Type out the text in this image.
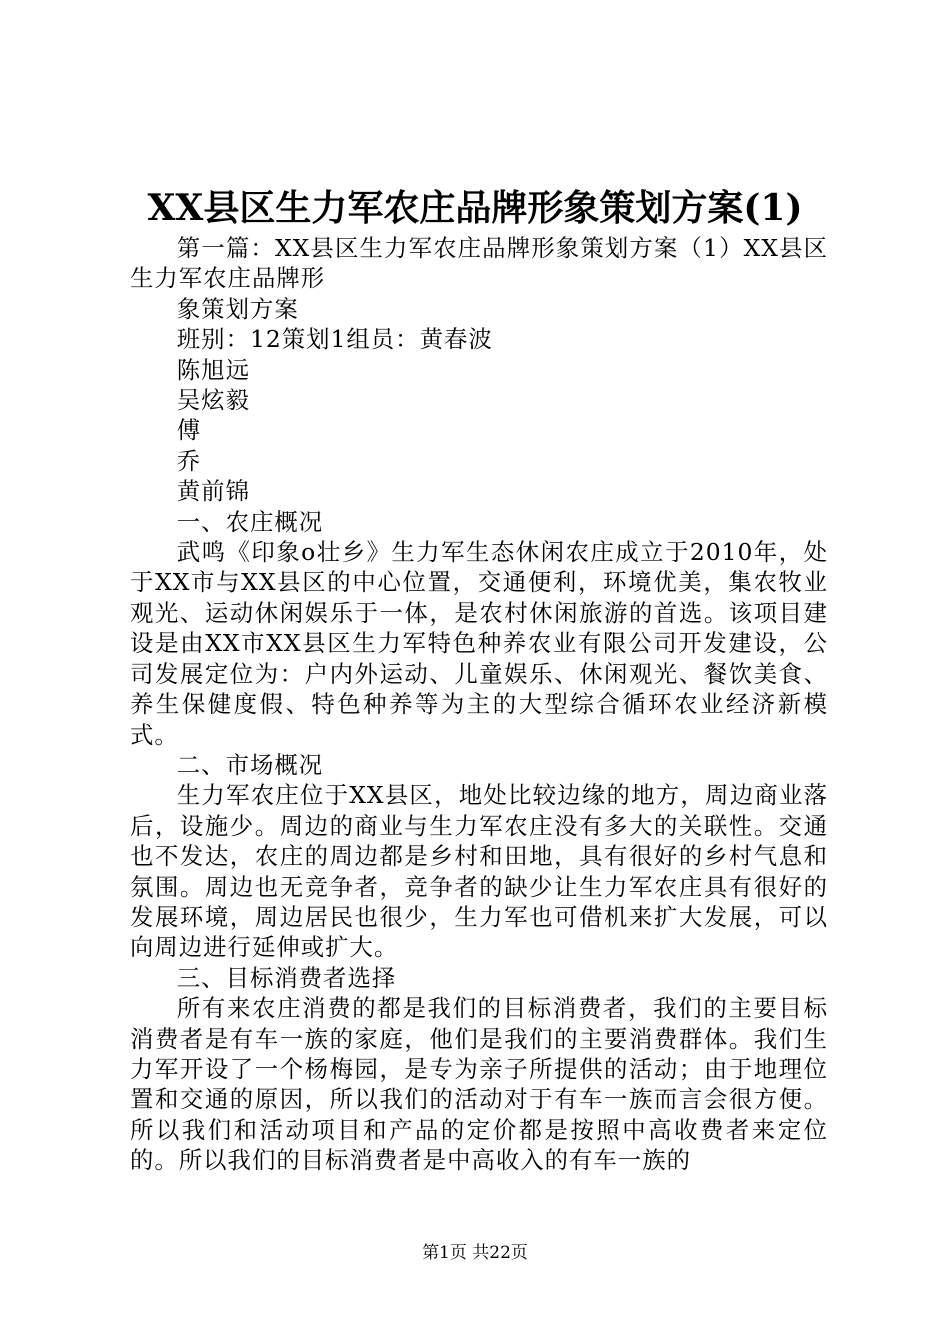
XX县区生力军农庄品牌形象策划方案(1)

第一篇：XX县区生力军农庄品牌形象策划方案（1）XX县区生力军农庄品牌形

象策划方案

班别：12策划1组员：黄春波

陈旭远

吴炫毅

傅

乔

黄前锦

一、农庄概况

武鸣《印象o壮乡》生力军生态休闲农庄成立于2010年，处于XX市与XX县区的中心位置，交通便利，环境优美，集农牧业观光、运动休闲娱乐于一体，是农村休闲旅游的首选。该项目建设是由XX市XX县区生力军特色种养农业有限公司开发建设，公司发展定位为：户内外运动、儿童娱乐、休闲观光、餐饮美食、养生保健度假、特色种养等为主的大型综合循环农业经济新模式。

二、市场概况

生力军农庄位于XX县区，地处比较边缘的地方，周边商业落后，设施少。周边的商业与生力军农庄没有多大的关联性。交通也不发达，农庄的周边都是乡村和田地，具有很好的乡村气息和氛围。周边也无竞争者，竞争者的缺少让生力军农庄具有很好的发展环境，周边居民也很少，生力军也可借机来扩大发展，可以向周边进行延伸或扩大。

三、目标消费者选择

所有来农庄消费的都是我们的目标消费者，我们的主要目标消费者是有车一族的家庭，他们是我们的主要消费群体。我们生力军开设了一个杨梅园，是专为亲子所提供的活动；由于地理位置和交通的原因，所以我们的活动对于有车一族而言会很方便。所以我们和活动项目和产品的定价都是按照中高收费者来定位的。所以我们的目标消费者是中高收入的有车一族的

第1页 共22页
